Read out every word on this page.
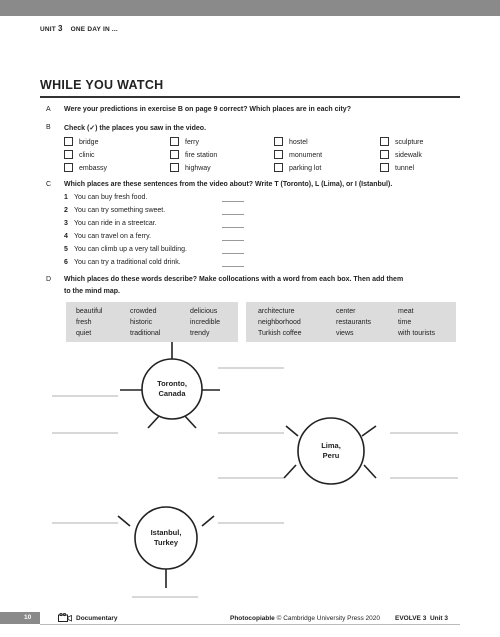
UNIT 3 ONE DAY IN ...
WHILE YOU WATCH
A Were your predictions in exercise B on page 9 correct? Which places are in each city?
B Check (✓) the places you saw in the video.
bridge
clinic
embassy
ferry
fire station
highway
hostel
monument
parking lot
sculpture
sidewalk
tunnel
C Which places are these sentences from the video about? Write T (Toronto), L (Lima), or I (Istanbul).
1 You can buy fresh food.
2 You can try something sweet.
3 You can ride in a streetcar.
4 You can travel on a ferry.
5 You can climb up a very tall building.
6 You can try a traditional cold drink.
D Which places do these words describe? Make collocations with a word from each box. Then add them
to the mind map.
beautiful
fresh
quiet
crowded
historic
traditional
delicious
incredible
trendy
architecture
neighborhood
Turkish coffee
center
restaurants
views
meat
time
with tourists
Toronto,
Canada
Lima,
Peru
Istanbul,
Turkey
10	Documentary	Photocopiable © Cambridge University Press 2020 EVOLVE 3 Unit 3
